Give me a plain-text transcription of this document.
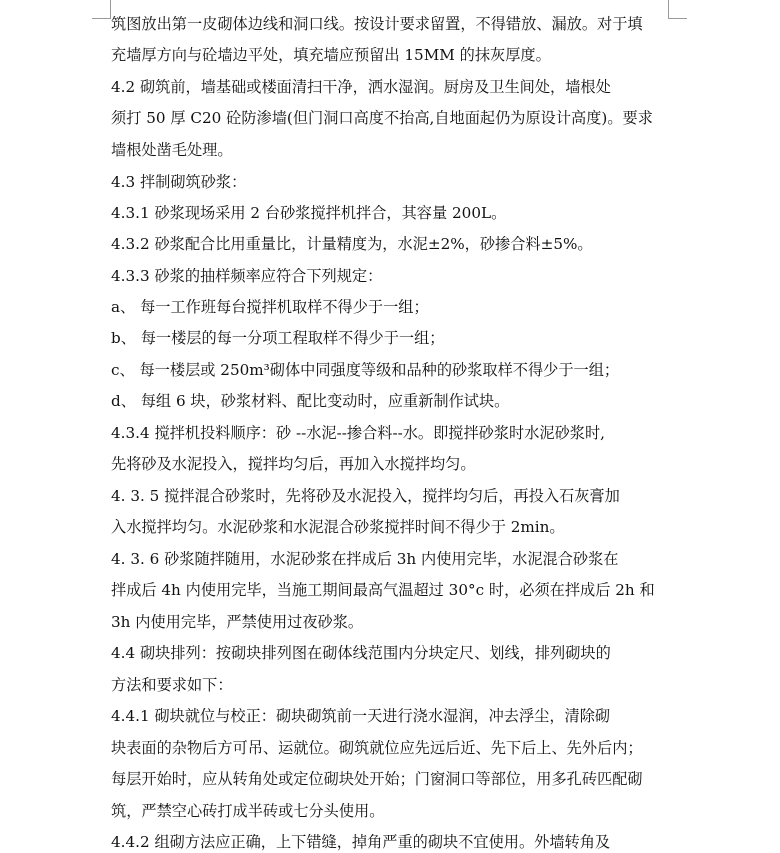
筑图放出第一皮砌体边线和洞口线。按设计要求留置，不得错放、漏放。对于填
充墙厚方向与砼墙边平处，填充墙应预留出 15MM 的抹灰厚度。
4.2 砌筑前，墙基础或楼面清扫干净，洒水湿润。厨房及卫生间处，墙根处
须打 50 厚 C20 砼防渗墙(但门洞口高度不抬高,自地面起仍为原设计高度)。要求
墙根处凿毛处理。
4.3 拌制砌筑砂浆：
4.3.1 砂浆现场采用 2 台砂浆搅拌机拌合，其容量 200L。
4.3.2 砂浆配合比用重量比，计量精度为，水泥±2%，砂掺合料±5%。
4.3.3 砂浆的抽样频率应符合下列规定：
a、 每一工作班每台搅拌机取样不得少于一组；
b、 每一楼层的每一分项工程取样不得少于一组；
c、 每一楼层或 250m³砌体中同强度等级和品种的砂浆取样不得少于一组；
d、 每组 6 块，砂浆材料、配比变动时，应重新制作试块。
4.3.4 搅拌机投料顺序：砂 --水泥--掺合料--水。即搅拌砂浆时水泥砂浆时,
先将砂及水泥投入，搅拌均匀后，再加入水搅拌均匀。
4. 3. 5 搅拌混合砂浆时，先将砂及水泥投入，搅拌均匀后，再投入石灰膏加
入水搅拌均匀。水泥砂浆和水泥混合砂浆搅拌时间不得少于 2min。
4. 3. 6 砂浆随拌随用，水泥砂浆在拌成后 3h 内使用完毕，水泥混合砂浆在
拌成后 4h 内使用完毕，当施工期间最高气温超过 30°c 时，必须在拌成后 2h 和
3h 内使用完毕，严禁使用过夜砂浆。
4.4 砌块排列：按砌块排列图在砌体线范围内分块定尺、划线，排列砌块的
方法和要求如下：
4.4.1 砌块就位与校正：砌块砌筑前一天进行浇水湿润，冲去浮尘，清除砌
块表面的杂物后方可吊、运就位。砌筑就位应先远后近、先下后上、先外后内；
每层开始时，应从转角处或定位砌块处开始；门窗洞口等部位，用多孔砖匹配砌
筑，严禁空心砖打成半砖或七分头使用。
4.4.2 组砌方法应正确，上下错缝，掉角严重的砌块不宜使用。外墙转角及
